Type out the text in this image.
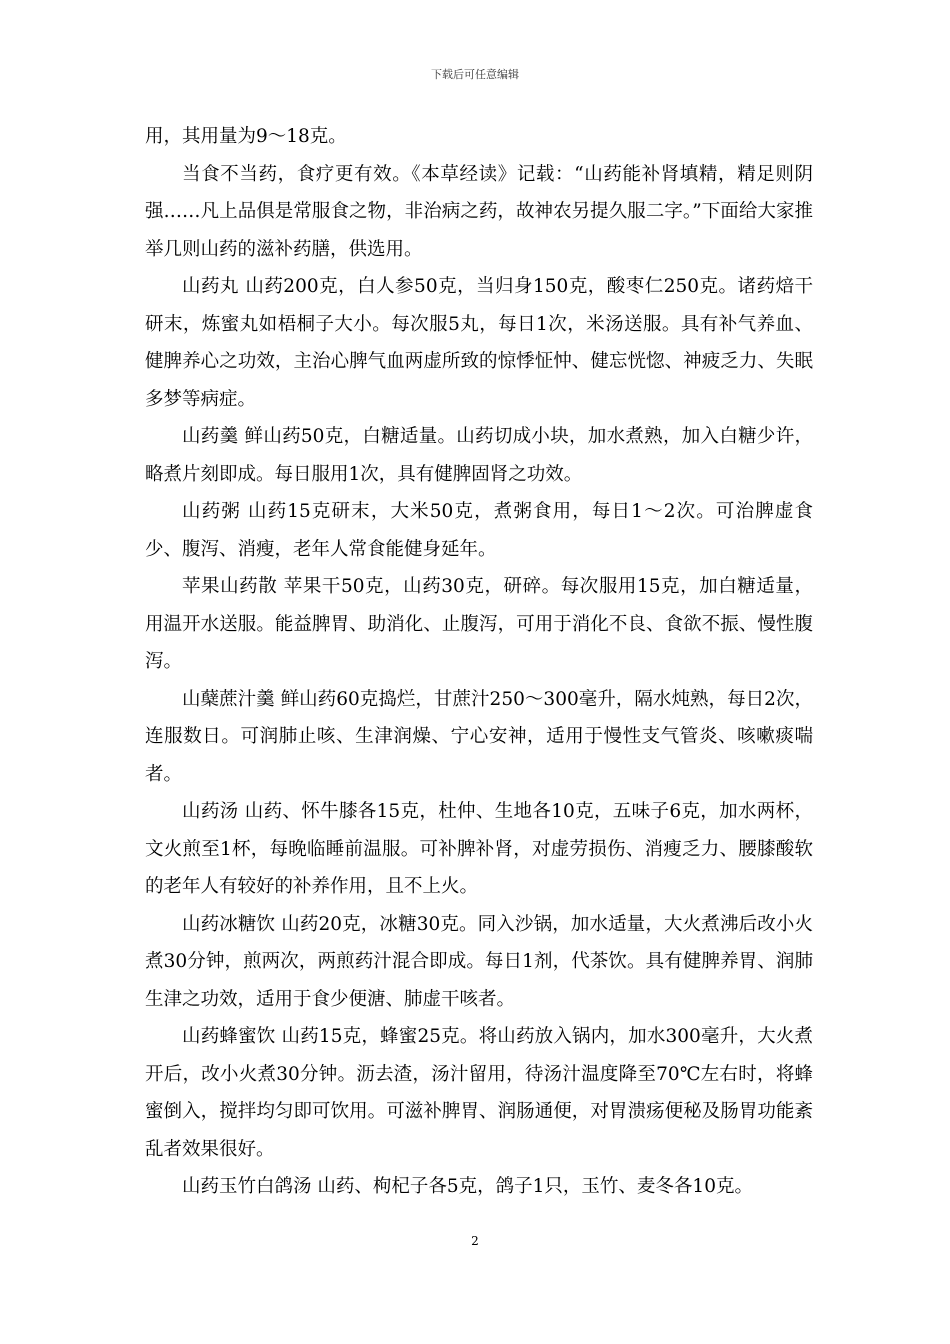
下载后可任意编辑

用，其用量为9～18克。

当食不当药，食疗更有效。《本草经读》记载：“山药能补肾填精，精足则阴强……凡上品俱是常服食之物，非治病之药，故神农另提久服二字。”下面给大家推举几则山药的滋补药膳，供选用。

山药丸 山药200克，白人参50克，当归身150克，酸枣仁250克。诸药焙干研末，炼蜜丸如梧桐子大小。每次服5丸，每日1次，米汤送服。具有补气养血、健脾养心之功效，主治心脾气血两虚所致的惊悸怔忡、健忘恍惚、神疲乏力、失眠多梦等病症。

山药羹 鲜山药50克，白糖适量。山药切成小块，加水煮熟，加入白糖少许，略煮片刻即成。每日服用1次，具有健脾固肾之功效。

山药粥 山药15克研末，大米50克，煮粥食用，每日1～2次。可治脾虚食少、腹泻、消瘦，老年人常食能健身延年。

苹果山药散 苹果干50克，山药30克，研碎。每次服用15克，加白糖适量，用温开水送服。能益脾胃、助消化、止腹泻，可用于消化不良、食欲不振、慢性腹泻。

山蘖蔗汁羹 鲜山药60克捣烂，甘蔗汁250～300毫升，隔水炖熟，每日2次，连服数日。可润肺止咳、生津润燥、宁心安神，适用于慢性支气管炎、咳嗽痰喘者。

山药汤 山药、怀牛膝各15克，杜仲、生地各10克，五味子6克，加水两杯，文火煎至1杯，每晚临睡前温服。可补脾补肾，对虚劳损伤、消瘦乏力、腰膝酸软的老年人有较好的补养作用，且不上火。

山药冰糖饮 山药20克，冰糖30克。同入沙锅，加水适量，大火煮沸后改小火煮30分钟，煎两次，两煎药汁混合即成。每日1剂，代茶饮。具有健脾养胃、润肺生津之功效，适用于食少便溏、肺虚干咳者。

山药蜂蜜饮 山药15克，蜂蜜25克。将山药放入锅内，加水300毫升，大火煮开后，改小火煮30分钟。沥去渣，汤汁留用，待汤汁温度降至70℃左右时，将蜂蜜倒入，搅拌均匀即可饮用。可滋补脾胃、润肠通便，对胃溃疡便秘及肠胃功能紊乱者效果很好。

山药玉竹白鸽汤 山药、枸杞子各5克，鸽子1只，玉竹、麦冬各10克。

2
